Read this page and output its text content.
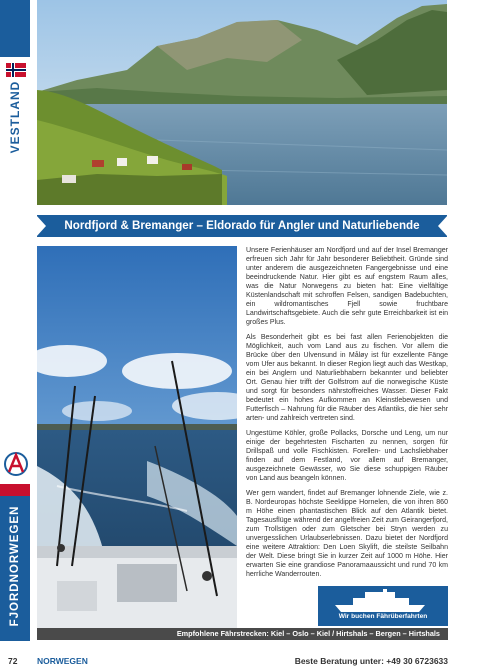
VESTLAND
FJORDNORWEGEN
Nordfjord & Bremanger – Eldorado für Angler und Naturliebende

Unsere Ferienhäuser am Nordfjord und auf der Insel Bremanger erfreuen sich Jahr für Jahr besonderer Beliebtheit. Gründe sind unter anderem die ausgezeichneten Fangergebnisse und eine beeindruckende Natur. Hier gibt es auf engstem Raum alles, was die Natur Norwegens zu bieten hat: Eine vielfältige Küstenlandschaft mit schroffen Felsen, sandigen Badebuchten, ein wildromantisches Fjell sowie fruchtbare Landwirtschaftsgebiete. Auch die sehr gute Erreichbarkeit ist ein großes Plus.

Als Besonderheit gibt es bei fast allen Ferienobjekten die Möglichkeit, auch vom Land aus zu fischen. Vor allem die Brücke über den Ulvensund in Måløy ist für exzellente Fänge vom Ufer aus bekannt. In dieser Region liegt auch das Westkap, ein bei Anglern und Naturliebhabern bekannter und beliebter Ort. Genau hier trifft der Golfstrom auf die norwegische Küste und sorgt für besonders nährstoffreiches Wasser. Dieser Fakt bedeutet ein hohes Aufkommen an Kleinstlebewesen und Futterfisch – Nahrung für die Räuber des Atlantiks, die hier sehr arten- und zahlreich vertreten sind.

Ungestüme Köhler, große Pollacks, Dorsche und Leng, um nur einige der begehrtesten Fischarten zu nennen, sorgen für Drillspaß und volle Fischkisten. Forellen- und Lachsliebhaber finden auf dem Festland, vor allem auf Bremanger, ausgezeichnete Gewässer, wo Sie diese schuppigen Räuber von Land aus beangeln können.

Wer gern wandert, findet auf Bremanger lohnende Ziele, wie z. B. Nordeuropas höchste Seeklippe Hornelen, die von ihren 860 m Höhe einen phantastischen Blick auf den Atlantik bietet. Tagesausflüge während der angelfreien Zeit zum Geirangerfjord, zum Trollstigen oder zum Gletscher bei Stryn werden zu unvergesslichen Urlaubserlebnissen. Dazu bietet der Nordfjord eine weitere Attraktion: Den Loen Skylift, die steilste Seilbahn der Welt. Diese bringt Sie in kurzer Zeit auf 1000 m Höhe. Hier erwarten Sie eine grandiose Panoramaaussicht und rund 70 km herrliche Wanderrouten.

Wir buchen Fährüberfahrten
Empfohlene Fährstrecken: Kiel – Oslo – Kiel / Hirtshals – Bergen – Hirtshals
72 NORWEGEN	Beste Beratung unter: +49 30 6723633
